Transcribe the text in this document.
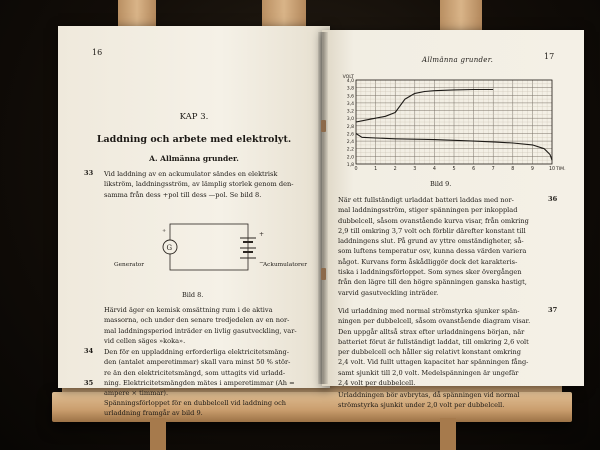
16
KAP 3.
Laddning och arbete med elektrolyt.
A. Allmänna grunder.
33 Vid laddning av en ackumulator sändes en elektrisk
likström, laddningsström, av lämplig storlek genom den-
samma från dess +pol till dess —pol. Se bild 8.
G
+
−
+
Generator	Ackumulatorer
Bild 8.
Härvid äger en kemisk omsättning rum i de aktiva
massorna, och under den senare tredjedelen av en nor-
mal laddningsperiod inträder en livlig gasutveckling, var-
vid cellen säges »koka».
34 Den för en uppladdning erforderliga elektricitetsmäng-
den (antalet amperetimmar) skall vara minst 50 % stör-
re än den elektricitetsmängd, som uttagits vid urladd-
ning. Elektricitetsmängden mätes i amperetimmar (Ah =
ampere × timmar).
35
Spänningsförloppet för en dubbelcell vid laddning och
urladdning framgår av bild 9.
Allmänna grunder.	17
4,0
3,8
3,6
3,4
3,2
3,0
2,8
2,6
2,4
2,2
2,0
1,8
0	1	2	3	4	5	6	7	8	9	10
VOLT
TIM.
Bild 9.
När ett fullständigt urladdat batteri laddas med nor-
mal laddningsström, stiger spänningen per inkopplad
dubbelcell, såsom ovanstående kurva visar, från omkring
2,9 till omkring 3,7 volt och förblir därefter konstant till
laddningens slut. På grund av yttre omständigheter, så-
som luftens temperatur osv, kunna dessa värden variera
något. Kurvans form åskådliggör dock det karakteris-
tiska i laddningsförloppet. Som synes sker övergången
från den lägre till den högre spänningen ganska hastigt,
varvid gasutveckling inträder.
36
Vid urladdning med normal strömstyrka sjunker spän-
ningen per dubbelcell, såsom ovanstående diagram visar.
Den uppgår alltså strax efter urladdningens början, när
batteriet förut är fullständigt laddat, till omkring 2,6 volt
per dubbelcell och håller sig relativt konstant omkring
2,4 volt. Vid fullt uttagen kapacitet har spänningen fång-
samt sjunkit till 2,0 volt. Medelspänningen är ungefär
2,4 volt per dubbelcell.
37
Urladdningen bör avbrytas, då spänningen vid normal
strömstyrka sjunkit under 2,0 volt per dubbelcell.
